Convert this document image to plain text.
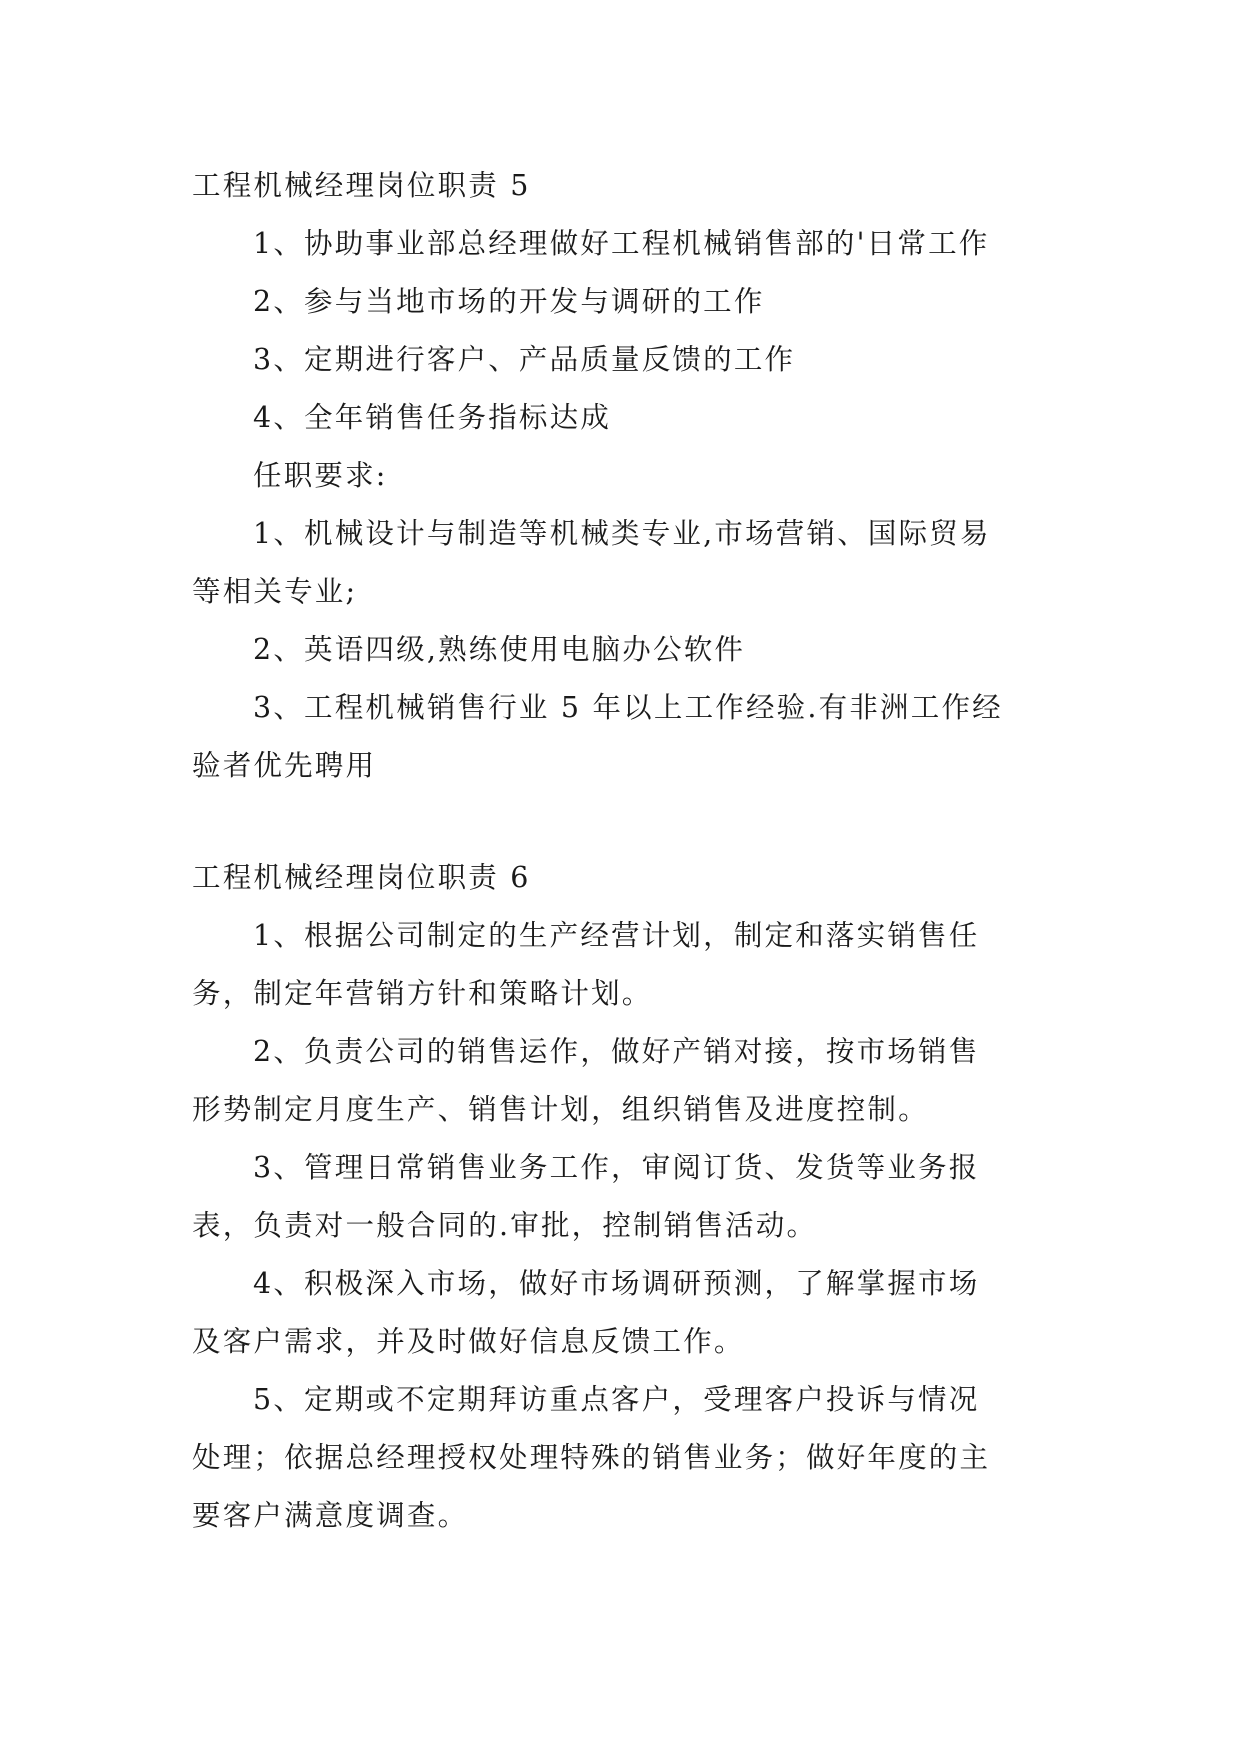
工程机械经理岗位职责 5
1、协助事业部总经理做好工程机械销售部的'日常工作
2、参与当地市场的开发与调研的工作
3、定期进行客户、产品质量反馈的工作
4、全年销售任务指标达成
任职要求:
1、机械设计与制造等机械类专业,市场营销、国际贸易
等相关专业;
2、英语四级,熟练使用电脑办公软件
3、工程机械销售行业 5 年以上工作经验.有非洲工作经
验者优先聘用
工程机械经理岗位职责 6
1、根据公司制定的生产经营计划，制定和落实销售任
务，制定年营销方针和策略计划。
2、负责公司的销售运作，做好产销对接，按市场销售
形势制定月度生产、销售计划，组织销售及进度控制。
3、管理日常销售业务工作，审阅订货、发货等业务报
表，负责对一般合同的.审批，控制销售活动。
4、积极深入市场，做好市场调研预测，了解掌握市场
及客户需求，并及时做好信息反馈工作。
5、定期或不定期拜访重点客户，受理客户投诉与情况
处理；依据总经理授权处理特殊的销售业务；做好年度的主
要客户满意度调查。
